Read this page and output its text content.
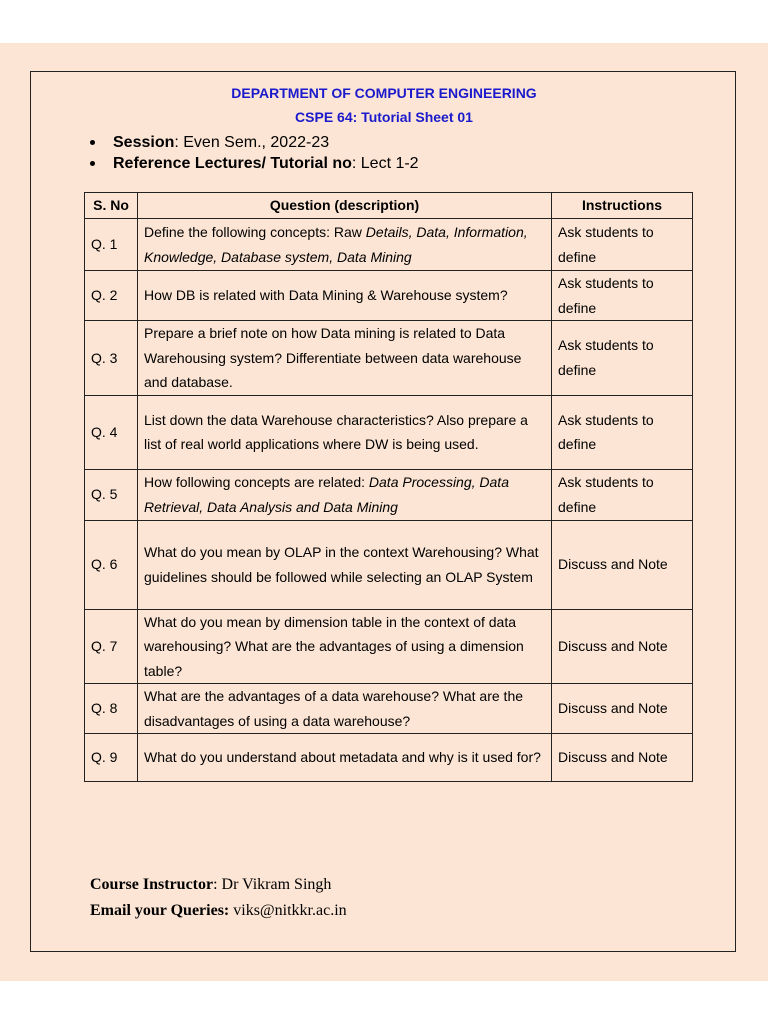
DEPARTMENT OF COMPUTER ENGINEERING
CSPE 64: Tutorial Sheet 01
Session: Even Sem., 2022-23
Reference Lectures/ Tutorial no: Lect 1-2
S. No	Question (description)	Instructions
Q. 1	Define the following concepts: Raw Details, Data, Information, Knowledge, Database system, Data Mining	Ask students to define
Q. 2	How DB is related with Data Mining & Warehouse system?	Ask students to define
Q. 3	Prepare a brief note on how Data mining is related to Data Warehousing system? Differentiate between data warehouse and database.	Ask students to define
Q. 4	List down the data Warehouse characteristics? Also prepare a list of real world applications where DW is being used.	Ask students to define
Q. 5	How following concepts are related: Data Processing, Data Retrieval, Data Analysis and Data Mining	Ask students to define
Q. 6	What do you mean by OLAP in the context Warehousing? What guidelines should be followed while selecting an OLAP System	Discuss and Note
Q. 7	What do you mean by dimension table in the context of data warehousing? What are the advantages of using a dimension table?	Discuss and Note
Q. 8	What are the advantages of a data warehouse? What are the disadvantages of using a data warehouse?	Discuss and Note
Q. 9	What do you understand about metadata and why is it used for?	Discuss and Note
Course Instructor: Dr Vikram Singh
Email your Queries: viks@nitkkr.ac.in
